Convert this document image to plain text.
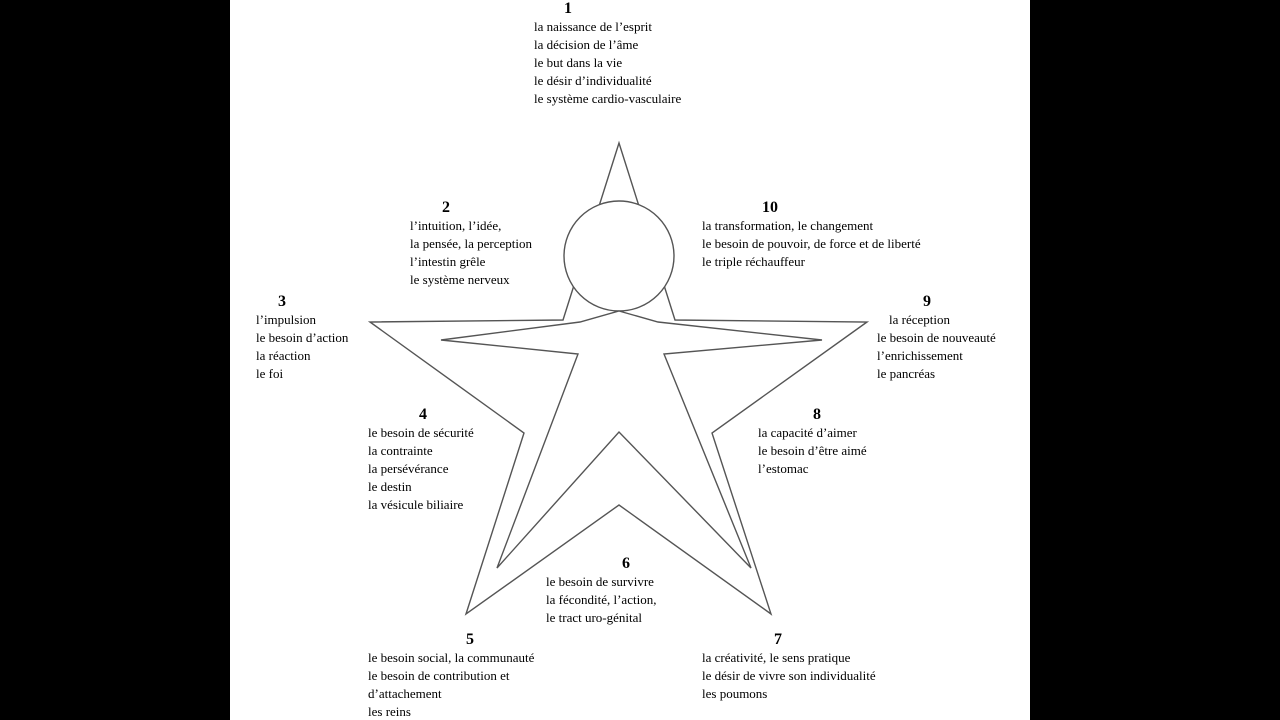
1
la naissance de l’esprit
la décision de l’âme
le but dans la vie
le désir d’individualité
le système cardio-vasculaire
2
l’intuition, l’idée,
la pensée, la perception
l’intestin grêle
le système nerveux
3
l’impulsion
le besoin d’action
la réaction
le foi
4
le besoin de sécurité
la contrainte
la persévérance
le destin
la vésicule biliaire
5
le besoin social, la communauté
le besoin de contribution et
d’attachement
les reins
6
le besoin de survivre
la fécondité, l’action,
le tract uro-génital
7
la créativité, le sens pratique
le désir de vivre son individualité
les poumons
8
la capacité d’aimer
le besoin d’être aimé
l’estomac
9
la réception
le besoin de nouveauté
l’enrichissement
le pancréas
10
la transformation, le changement
le besoin de pouvoir, de force et de liberté
le triple réchauffeur
